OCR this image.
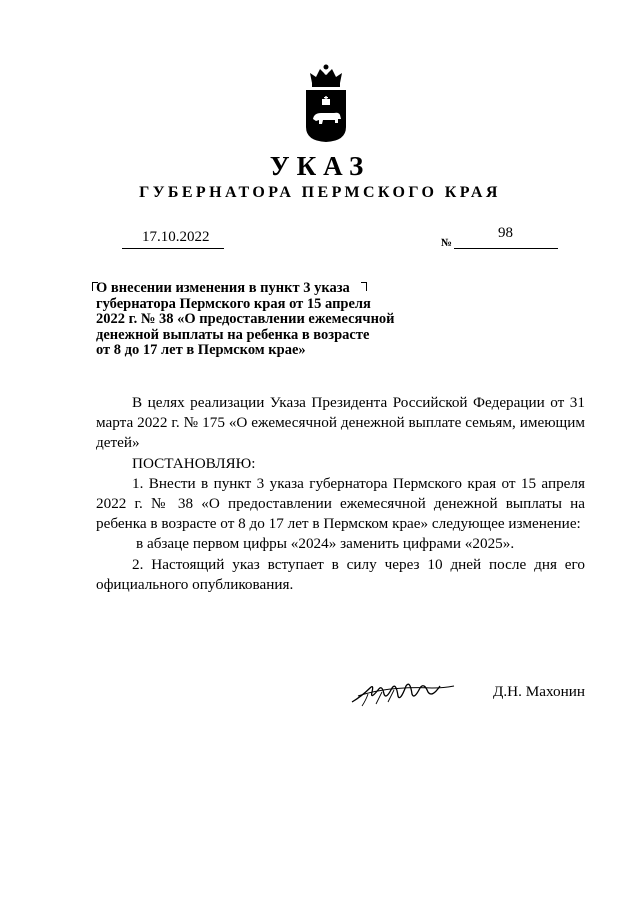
УКАЗ
ГУБЕРНАТОРА ПЕРМСКОГО КРАЯ
17.10.2022	№
98
О внесении изменения в пункт 3 указа
губернатора Пермского края от 15 апреля
2022 г. № 38 «О предоставлении ежемесячной
денежной выплаты на ребенка в возрасте
от 8 до 17 лет в Пермском крае»

В целях реализации Указа Президента Российской Федерации от 31 марта 2022 г. № 175 «О ежемесячной денежной выплате семьям, имеющим детей»

ПОСТАНОВЛЯЮ:

1. Внести в пункт 3 указа губернатора Пермского края от 15 апреля 2022 г. № 38 «О предоставлении ежемесячной денежной выплаты на ребенка в возрасте от 8 до 17 лет в Пермском крае» следующее изменение:

в абзаце первом цифры «2024» заменить цифрами «2025».

2. Настоящий указ вступает в силу через 10 дней после дня его официального опубликования.

Д.Н. Махонин
